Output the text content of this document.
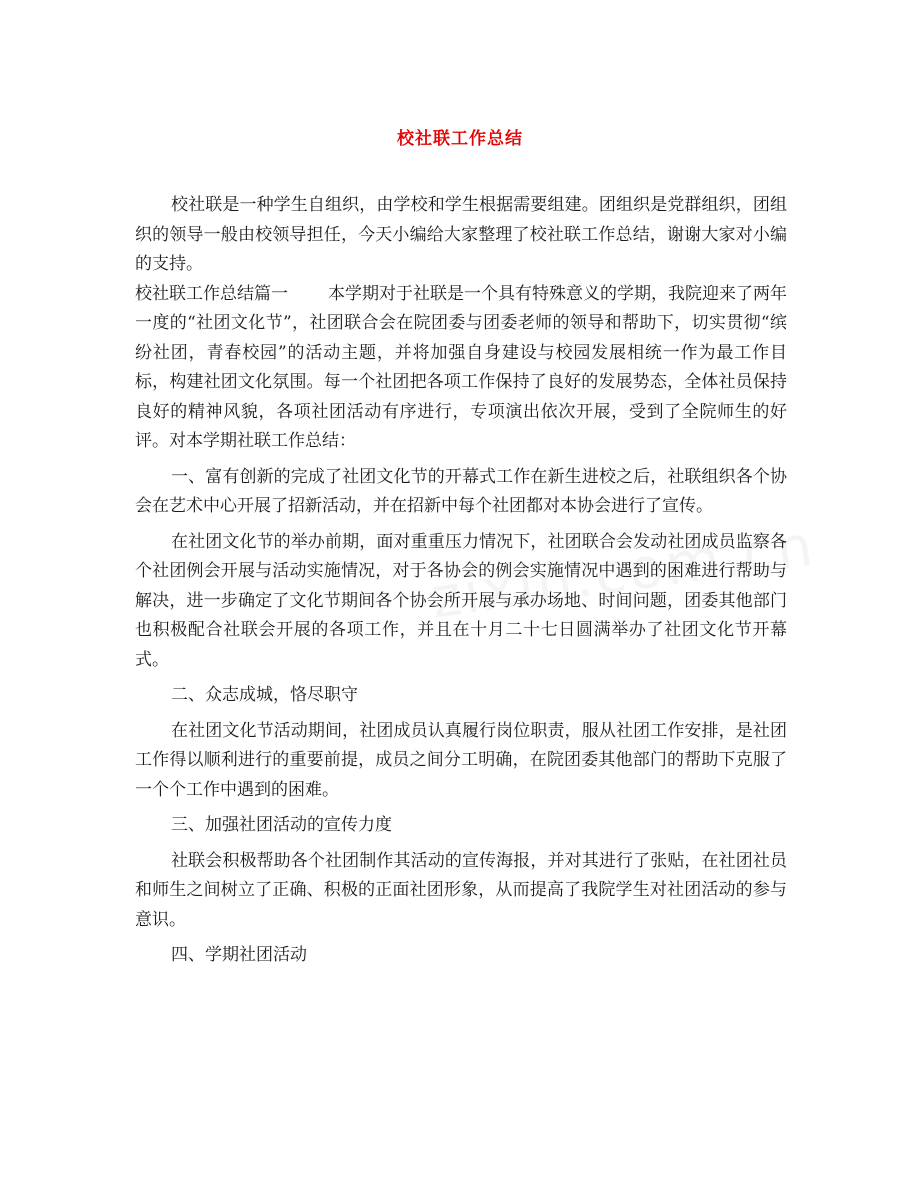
校社联工作总结

校社联是一种学生自组织，由学校和学生根据需要组建。团组织是党群组织，团组织的领导一般由校领导担任，今天小编给大家整理了校社联工作总结，谢谢大家对小编的支持。

校社联工作总结篇一 本学期对于社联是一个具有特殊意义的学期，我院迎来了两年一度的“社团文化节”，社团联合会在院团委与团委老师的领导和帮助下，切实贯彻“缤纷社团，青春校园”的活动主题，并将加强自身建设与校园发展相统一作为最工作目标，构建社团文化氛围。每一个社团把各项工作保持了良好的发展势态，全体社员保持良好的精神风貌，各项社团活动有序进行，专项演出依次开展，受到了全院师生的好评。对本学期社联工作总结：

一、富有创新的完成了社团文化节的开幕式工作在新生进校之后，社联组织各个协会在艺术中心开展了招新活动，并在招新中每个社团都对本协会进行了宣传。

在社团文化节的举办前期，面对重重压力情况下，社团联合会发动社团成员监察各个社团例会开展与活动实施情况，对于各协会的例会实施情况中遇到的困难进行帮助与解决，进一步确定了文化节期间各个协会所开展与承办场地、时间问题，团委其他部门也积极配合社联会开展的各项工作，并且在十月二十七日圆满举办了社团文化节开幕式。

二、众志成城，恪尽职守

在社团文化节活动期间，社团成员认真履行岗位职责，服从社团工作安排，是社团工作得以顺利进行的重要前提，成员之间分工明确，在院团委其他部门的帮助下克服了一个个工作中遇到的困难。

三、加强社团活动的宣传力度

社联会积极帮助各个社团制作其活动的宣传海报，并对其进行了张贴，在社团社员和师生之间树立了正确、积极的正面社团形象，从而提高了我院学生对社团活动的参与意识。

四、学期社团活动
